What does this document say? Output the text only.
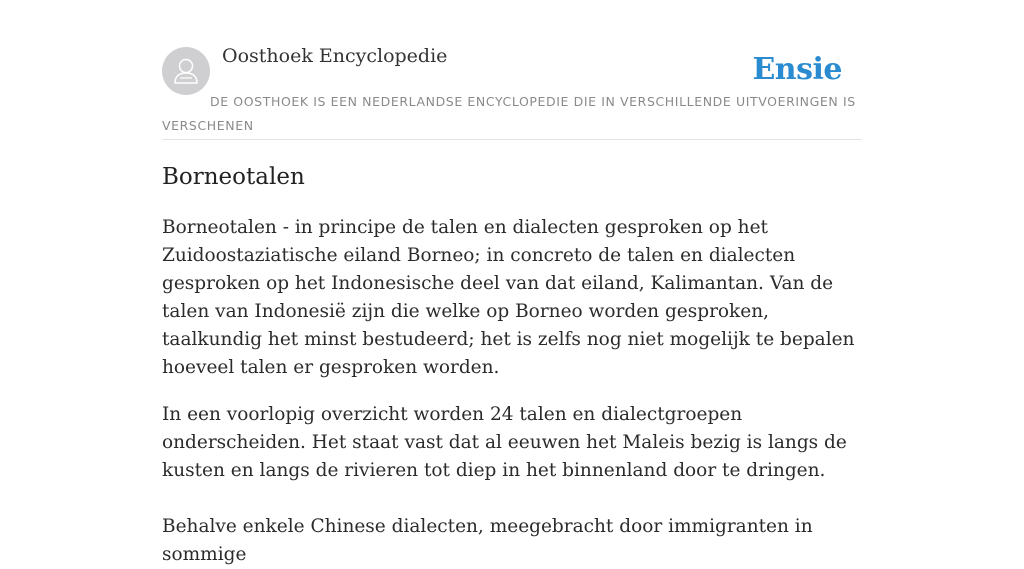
Oosthoek Encyclopedie	Ensie
DE OOSTHOEK IS EEN NEDERLANDSE ENCYCLOPEDIE DIE IN VERSCHILLENDE UITVOERINGEN IS VERSCHENEN
Borneotalen

Borneotalen - in principe de talen en dialecten gesproken op het Zuidoostaziatische eiland Borneo; in concreto de talen en dialecten gesproken op het Indonesische deel van dat eiland, Kalimantan. Van de talen van Indonesië zijn die welke op Borneo worden gesproken, taalkundig het minst bestudeerd; het is zelfs nog niet mogelijk te bepalen hoeveel talen er gesproken worden.

In een voorlopig overzicht worden 24 talen en dialectgroepen onderscheiden. Het staat vast dat al eeuwen het Maleis bezig is langs de kusten en langs de rivieren tot diep in het binnenland door te dringen.

Behalve enkele Chinese dialecten, meegebracht door immigranten in sommige
